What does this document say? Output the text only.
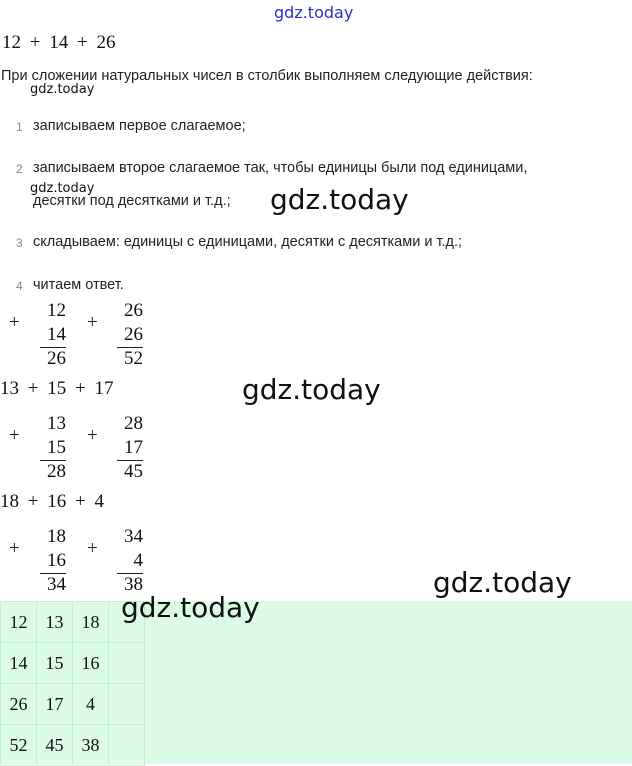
gdz.today
12 + 14 + 26
При сложении натуральных чисел в столбик выполняем следующие действия:
gdz.today
1 записываем первое слагаемое;
2 записываем второе слагаемое так, чтобы единицы были под единицами,
gdz.today
десятки под десятками и т.д.; gdz.today
3 складываем: единицы с единицами, десятки с десятками и т.д.;
4 читаем ответ.
+
12
14
26
+
26
26
52
13 + 15 + 17	gdz.today
+
13
15
28
+
28
17
45
18 + 16 + 4
+
18
16
34
+
34
4
38	gdz.today
12	13	18	
14	15	16	
26	17	4	
52	45	38	
gdz.today
gdz.today
